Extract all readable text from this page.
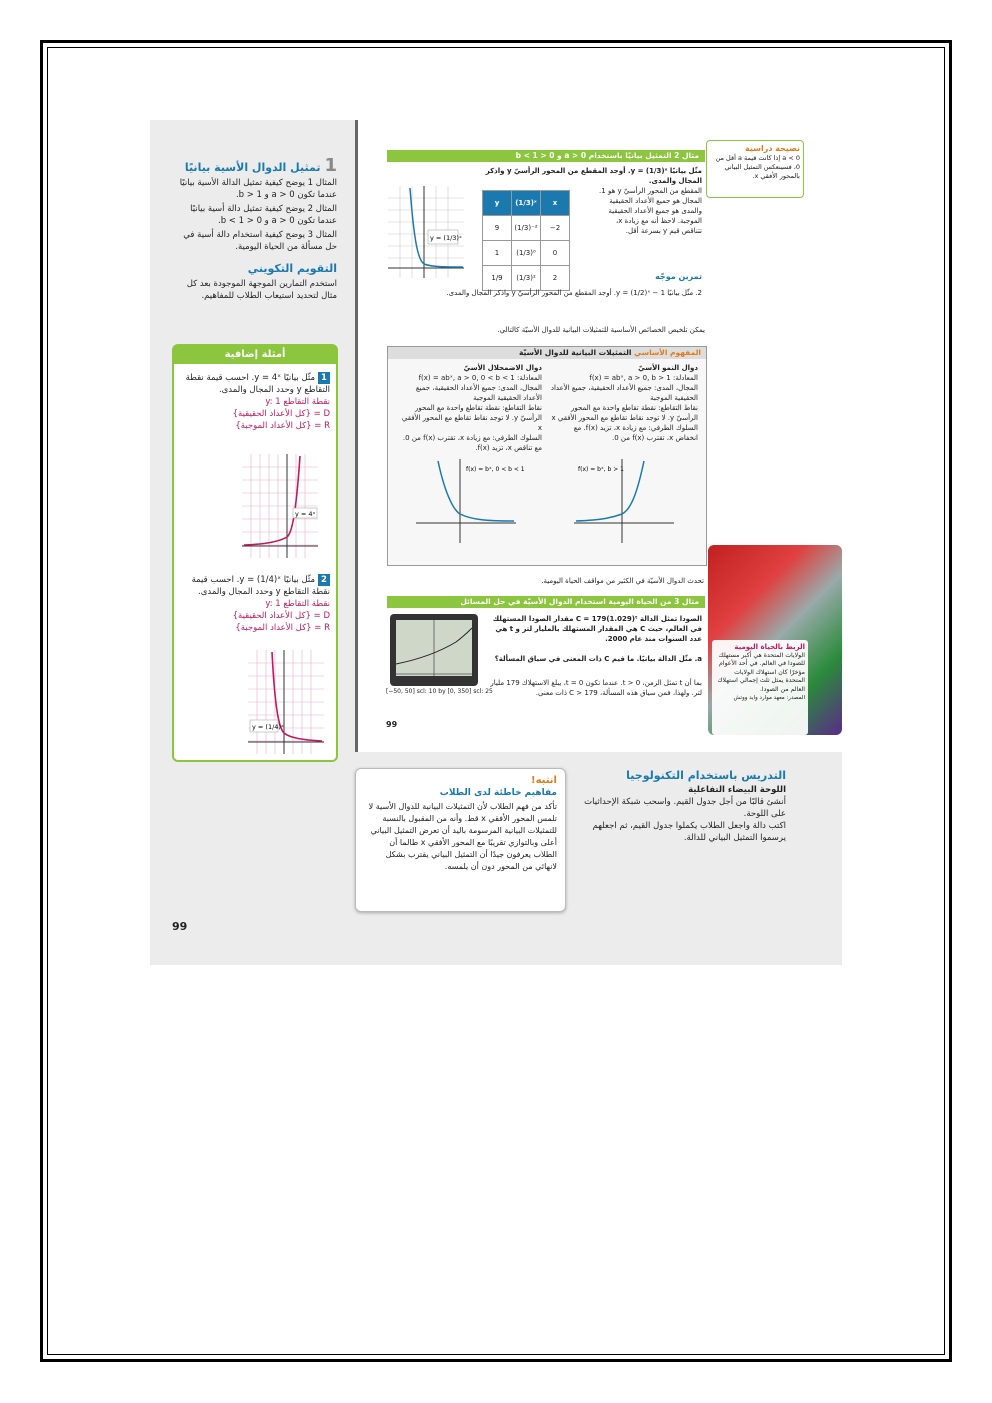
1تمثيل الدوال الأسية بيانيًا

المثال 1 يوضح كيفية تمثيل الدالة الأسية بيانيًا عندما تكون a > 0 و b > 1.

المثال 2 يوضح كيفية تمثيل دالة أسية بيانيًا عندما تكون a > 0 و 0 < b < 1.

المثال 3 يوضح كيفية استخدام دالة أسية في حل مسألة من الحياة اليومية.

التقويم التكويني

استخدم التمارين الموجهة الموجودة بعد كل مثال لتحديد استيعاب الطلاب للمفاهيم.

أمثلة إضافية
1مثّل بيانيًا y = 4ˣ. احسب قيمة نقطة التقاطع y وحدد المجال والمدى.
نقطة التقاطع y: 1
D = {كل الأعداد الحقيقية}
R = {كل الأعداد الموجبة}
y = 4ˣ
2مثّل بيانيًا y = (1/4)ˣ. احسب قيمة نقطة التقاطع y وحدد المجال والمدى.
نقطة التقاطع y: 1
D = {كل الأعداد الحقيقية}
R = {كل الأعداد الموجبة}
y = (1/4)ˣ
مثال 2 التمثيل بيانيًا باستخدام a > 0 و 0 < b < 1
مثّل بيانيًا y = (1/3)ˣ. أوجد المقطع من المحور الرأسيّ y واذكر المجال والمدى.
المقطع من المحور الرأسيّ y هو 1. المجال هو جميع الأعداد الحقيقية والمدى هو جميع الأعداد الحقيقية الموجبة. لاحظ أنه مع زيادة x، تتناقص قيم y بسرعة أقل.
y	(1/3)ˣ	x
9	(1/3)⁻²	−2
1	(1/3)⁰	0
1/9	(1/3)²	2
y = (1/3)ˣ
تمرين موجّه
2. مثّل بيانيًا y = (1/2)ˣ − 1. أوجد المقطع من المحور الرأسيّ y واذكر المجال والمدى.
يمكن تلخيص الخصائص الأساسية للتمثيلات البيانية للدوال الأسيّة كالتالي.
نصيحة دراسية
a < 0 إذا كانت قيمة a أقل من 0، فسينعكس التمثيل البياني بالمحور الأفقي x.
المفهوم الأساسي التمثيلات البيانية للدوال الأسيّة
دوال النمو الأسيّ
المعادلة: f(x) = abˣ, a > 0, b > 1
المجال، المدى: جميع الأعداد الحقيقية، جميع الأعداد الحقيقية الموجبة
نقاط التقاطع: نقطة تقاطع واحدة مع المحور الرأسيّ y. لا توجد نقاط تقاطع مع المحور الأفقي x
السلوك الطرفي: مع زيادة x، تزيد f(x). مع انخفاض x، تقترب f(x) من 0.
دوال الاضمحلال الأسيّ
المعادلة: f(x) = abˣ, a > 0, 0 < b < 1
المجال، المدى: جميع الأعداد الحقيقية، جميع الأعداد الحقيقية الموجبة
نقاط التقاطع: نقطة تقاطع واحدة مع المحور الرأسيّ y. لا توجد نقاط تقاطع مع المحور الأفقي x
السلوك الطرفي: مع زيادة x، تقترب f(x) من 0. مع تناقص x، تزيد f(x).
f(x) = bˣ, b > 1
f(x) = bˣ, 0 < b < 1
تحدث الدوال الأسيّة في الكثير من مواقف الحياة اليومية.
مثال 3 من الحياة اليومية استخدام الدوال الأسيّة في حل المسائل
الصودا تمثل الدالة C = 179(1.029)ᵗ مقدار الصودا المستهلك في العالم، حيث C هي المقدار المستهلك بالمليار لتر و t هي عدد السنوات منذ عام 2000.
a. مثّل الدالة بيانيًا. ما قيم C ذات المعنى في سياق المسألة؟
بما أن t تمثل الزمن، t > 0. عندما تكون t = 0، يبلغ الاستهلاك 179 مليار لتر. ولهذا، فمن سياق هذه المسألة، C > 179 ذات معنى.
[−50, 50] scl: 10 by [0, 350] scl: 25
99
الربط بالحياة اليومية
الولايات المتحدة هي أكبر مستهلك للصودا في العالم. في أحد الأعوام مؤخرًا كان استهلاك الولايات المتحدة يمثل ثلث إجمالي استهلاك العالم من الصودا.
المصدر: معهد موارد وايد ووتش
التدريس باستخدام التكنولوجيا
اللوحة البيضاء التفاعلية
أنشئ قالبًا من أجل جدول القيم. واسحب شبكة الإحداثيات على اللوحة.
اكتب دالة واجعل الطلاب يكملوا جدول القيم، ثم اجعلهم يرسموا التمثيل البياني للدالة.
انتبه!
مفاهيم خاطئة لدى الطلاب
تأكد من فهم الطلاب لأن التمثيلات البيانية للدوال الأسية لا تلمس المحور الأفقي x قط. وأنه من المقبول بالنسبة للتمثيلات البيانية المرسومة باليد أن تعرض التمثيل البياني أعلى وبالتوازي تقريبًا مع المحور الأفقي x طالما أن الطلاب يعرفون جيدًا أن التمثيل البياني يقترب بشكل لانهائي من المحور دون أن يلمسه.
99
